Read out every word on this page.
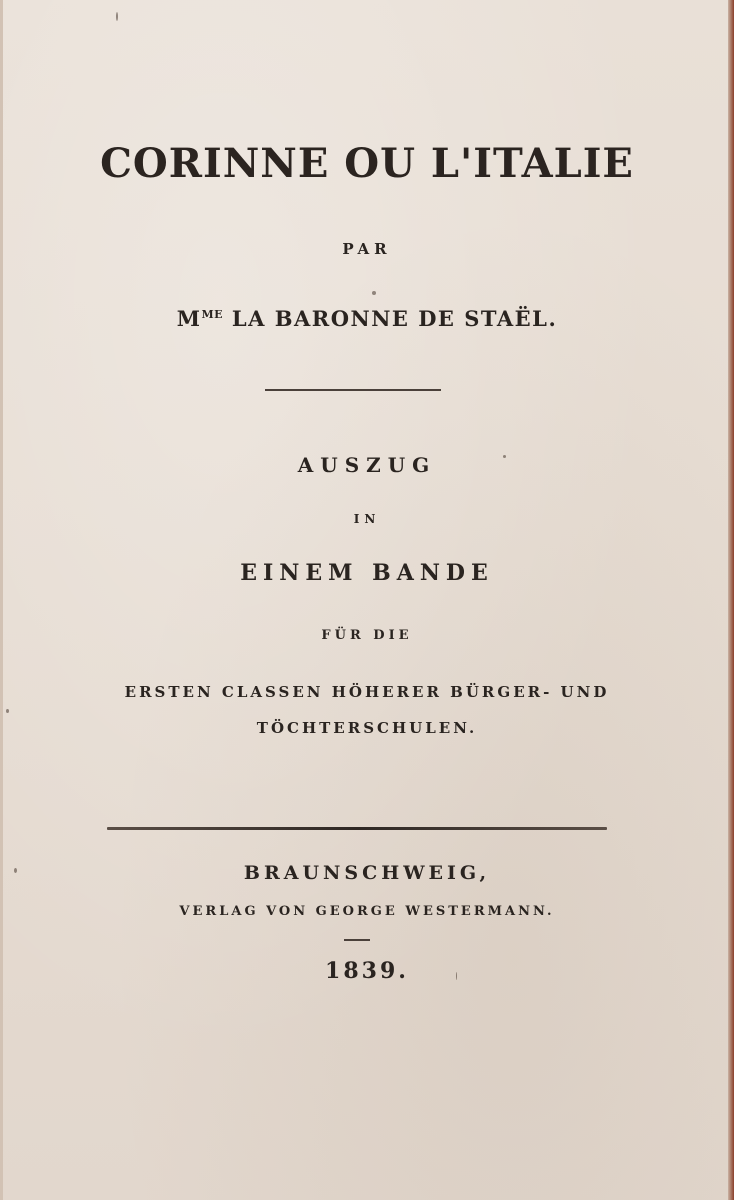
CORINNE OU L'ITALIE
PAR
$M^{ME}$ LA BARONNE DE STAËL.
AUSZUG
IN
EINEM BANDE
FÜR DIE
ERSTEN CLASSEN HÖHERER BÜRGER- UND
TÖCHTERSCHULEN.
BRAUNSCHWEIG,
VERLAG VON GEORGE WESTERMANN.
1839.
